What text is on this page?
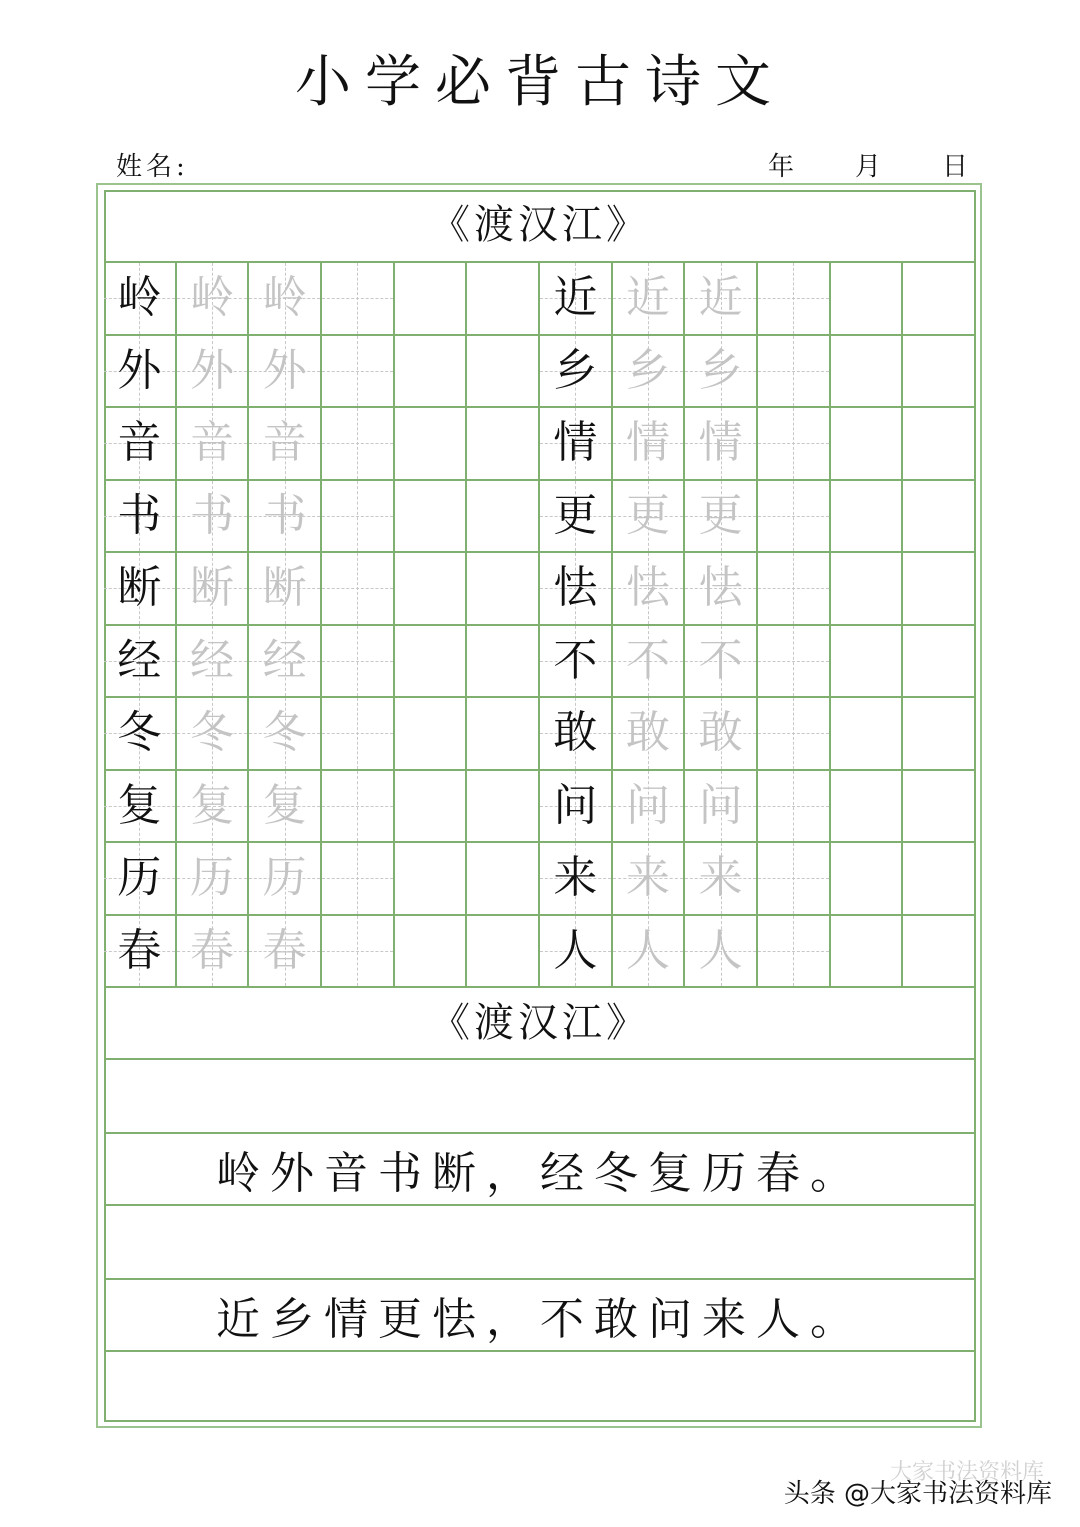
小学必背古诗文
姓名:	年 月 日
《渡汉江》
岭 岭 岭	近 近 近
外 外 外	乡 乡 乡
音 音 音	情 情 情
书 书 书	更 更 更
断 断 断	怯 怯 怯
经 经 经	不 不 不
冬 冬 冬	敢 敢 敢
复 复 复	问 问 问
历 历 历	来 来 来
春 春 春	人 人 人
《渡汉江》
岭外音书断，经冬复历春。
近乡情更怯，不敢问来人。
大家书法资料库
头条 @大家书法资料库
